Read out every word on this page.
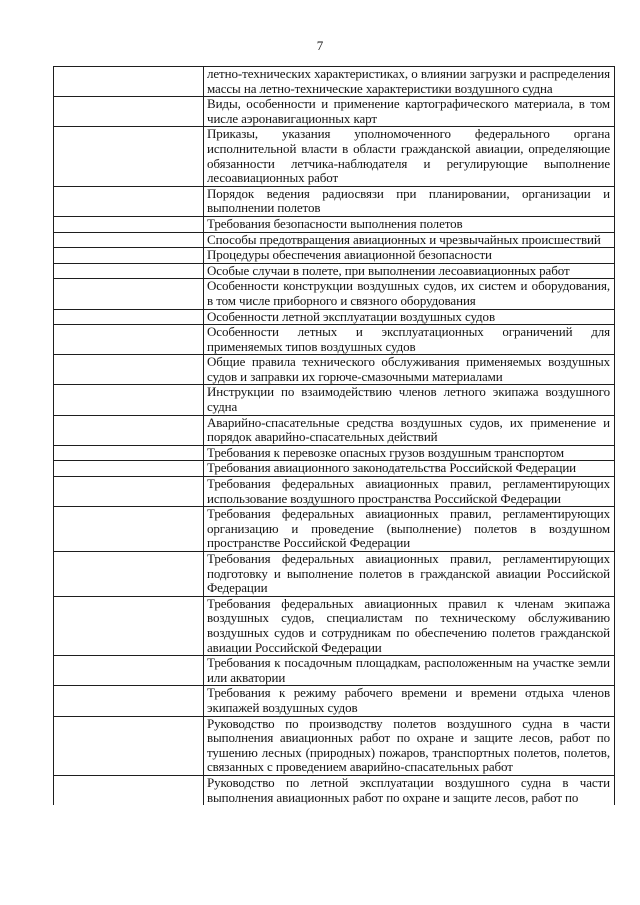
7
	летно-технических характеристиках, о влиянии загрузки и распределения массы на летно-технические характеристики воздушного судна
	Виды, особенности и применение картографического материала, в том числе аэронавигационных карт
	Приказы, указания уполномоченного федерального органа исполнительной власти в области гражданской авиации, определяющие обязанности летчика-наблюдателя и регулирующие выполнение лесоавиационных работ
	Порядок ведения радиосвязи при планировании, организации и выполнении полетов
	Требования безопасности выполнения полетов
	Способы предотвращения авиационных и чрезвычайных происшествий
	Процедуры обеспечения авиационной безопасности
	Особые случаи в полете, при выполнении лесоавиационных работ
	Особенности конструкции воздушных судов, их систем и оборудования, в том числе приборного и связного оборудования
	Особенности летной эксплуатации воздушных судов
	Особенности летных и эксплуатационных ограничений для применяемых типов воздушных судов
	Общие правила технического обслуживания применяемых воздушных судов и заправки их горюче-смазочными материалами
	Инструкции по взаимодействию членов летного экипажа воздушного судна
	Аварийно-спасательные средства воздушных судов, их применение и порядок аварийно-спасательных действий
	Требования к перевозке опасных грузов воздушным транспортом
	Требования авиационного законодательства Российской Федерации
	Требования федеральных авиационных правил, регламентирующих использование воздушного пространства Российской Федерации
	Требования федеральных авиационных правил, регламентирующих организацию и проведение (выполнение) полетов в воздушном пространстве Российской Федерации
	Требования федеральных авиационных правил, регламентирующих подготовку и выполнение полетов в гражданской авиации Российской Федерации
	Требования федеральных авиационных правил к членам экипажа воздушных судов, специалистам по техническому обслуживанию воздушных судов и сотрудникам по обеспечению полетов гражданской авиации Российской Федерации
	Требования к посадочным площадкам, расположенным на участке земли или акватории
	Требования к режиму рабочего времени и времени отдыха членов экипажей воздушных судов
	Руководство по производству полетов воздушного судна в части выполнения авиационных работ по охране и защите лесов, работ по тушению лесных (природных) пожаров, транспортных полетов, полетов, связанных с проведением аварийно-спасательных работ
	Руководство по летной эксплуатации воздушного судна в части выполнения авиационных работ по охране и защите лесов, работ по
